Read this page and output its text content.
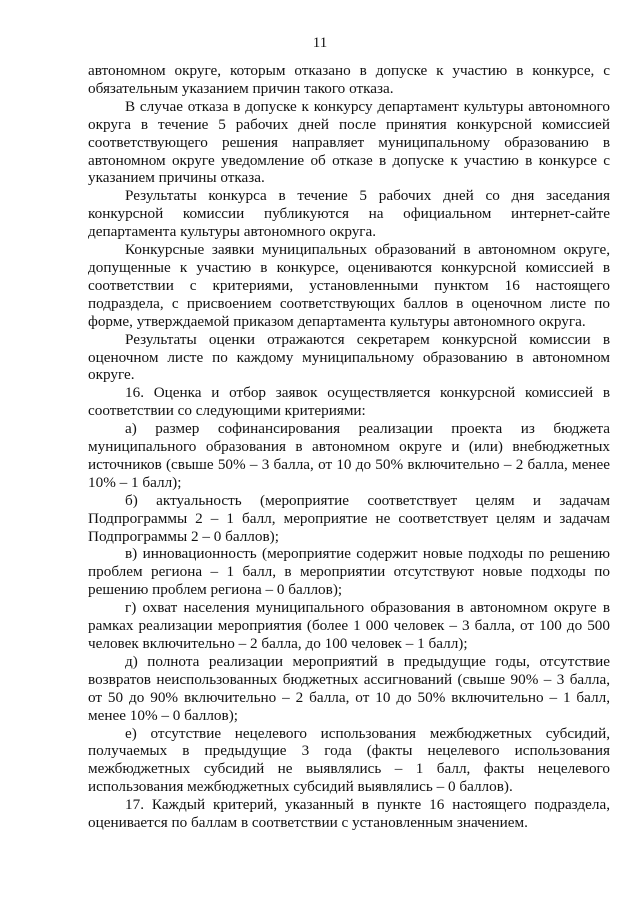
11

автономном округе, которым отказано в допуске к участию в конкурсе, с обязательным указанием причин такого отказа.

В случае отказа в допуске к конкурсу департамент культуры автономного округа в течение 5 рабочих дней после принятия конкурсной комиссией соответствующего решения направляет муниципальному образованию в автономном округе уведомление об отказе в допуске к участию в конкурсе с указанием причины отказа.

Результаты конкурса в течение 5 рабочих дней со дня заседания конкурсной комиссии публикуются на официальном интернет-сайте департамента культуры автономного округа.

Конкурсные заявки муниципальных образований в автономном округе, допущенные к участию в конкурсе, оцениваются конкурсной комиссией в соответствии с критериями, установленными пунктом 16 настоящего подраздела, с присвоением соответствующих баллов в оценочном листе по форме, утверждаемой приказом департамента культуры автономного округа.

Результаты оценки отражаются секретарем конкурсной комиссии в оценочном листе по каждому муниципальному образованию в автономном округе.

16. Оценка и отбор заявок осуществляется конкурсной комиссией в соответствии со следующими критериями:

а) размер софинансирования реализации проекта из бюджета муниципального образования в автономном округе и (или) внебюджетных источников (свыше 50% – 3 балла, от 10 до 50% включительно – 2 балла, менее 10% – 1 балл);

б) актуальность (мероприятие соответствует целям и задачам Подпрограммы 2 – 1 балл, мероприятие не соответствует целям и задачам Подпрограммы 2 – 0 баллов);

в) инновационность (мероприятие содержит новые подходы по решению проблем региона – 1 балл, в мероприятии отсутствуют новые подходы по решению проблем региона – 0 баллов);

г) охват населения муниципального образования в автономном округе в рамках реализации мероприятия (более 1 000 человек – 3 балла, от 100 до 500 человек включительно – 2 балла, до 100 человек – 1 балл);

д) полнота реализации мероприятий в предыдущие годы, отсутствие возвратов неиспользованных бюджетных ассигнований (свыше 90% – 3 балла, от 50 до 90% включительно – 2 балла, от 10 до 50% включительно – 1 балл, менее 10% – 0 баллов);

е) отсутствие нецелевого использования межбюджетных субсидий, получаемых в предыдущие 3 года (факты нецелевого использования межбюджетных субсидий не выявлялись – 1 балл, факты нецелевого использования межбюджетных субсидий выявлялись – 0 баллов).

17. Каждый критерий, указанный в пункте 16 настоящего подраздела, оценивается по баллам в соответствии с установленным значением.
